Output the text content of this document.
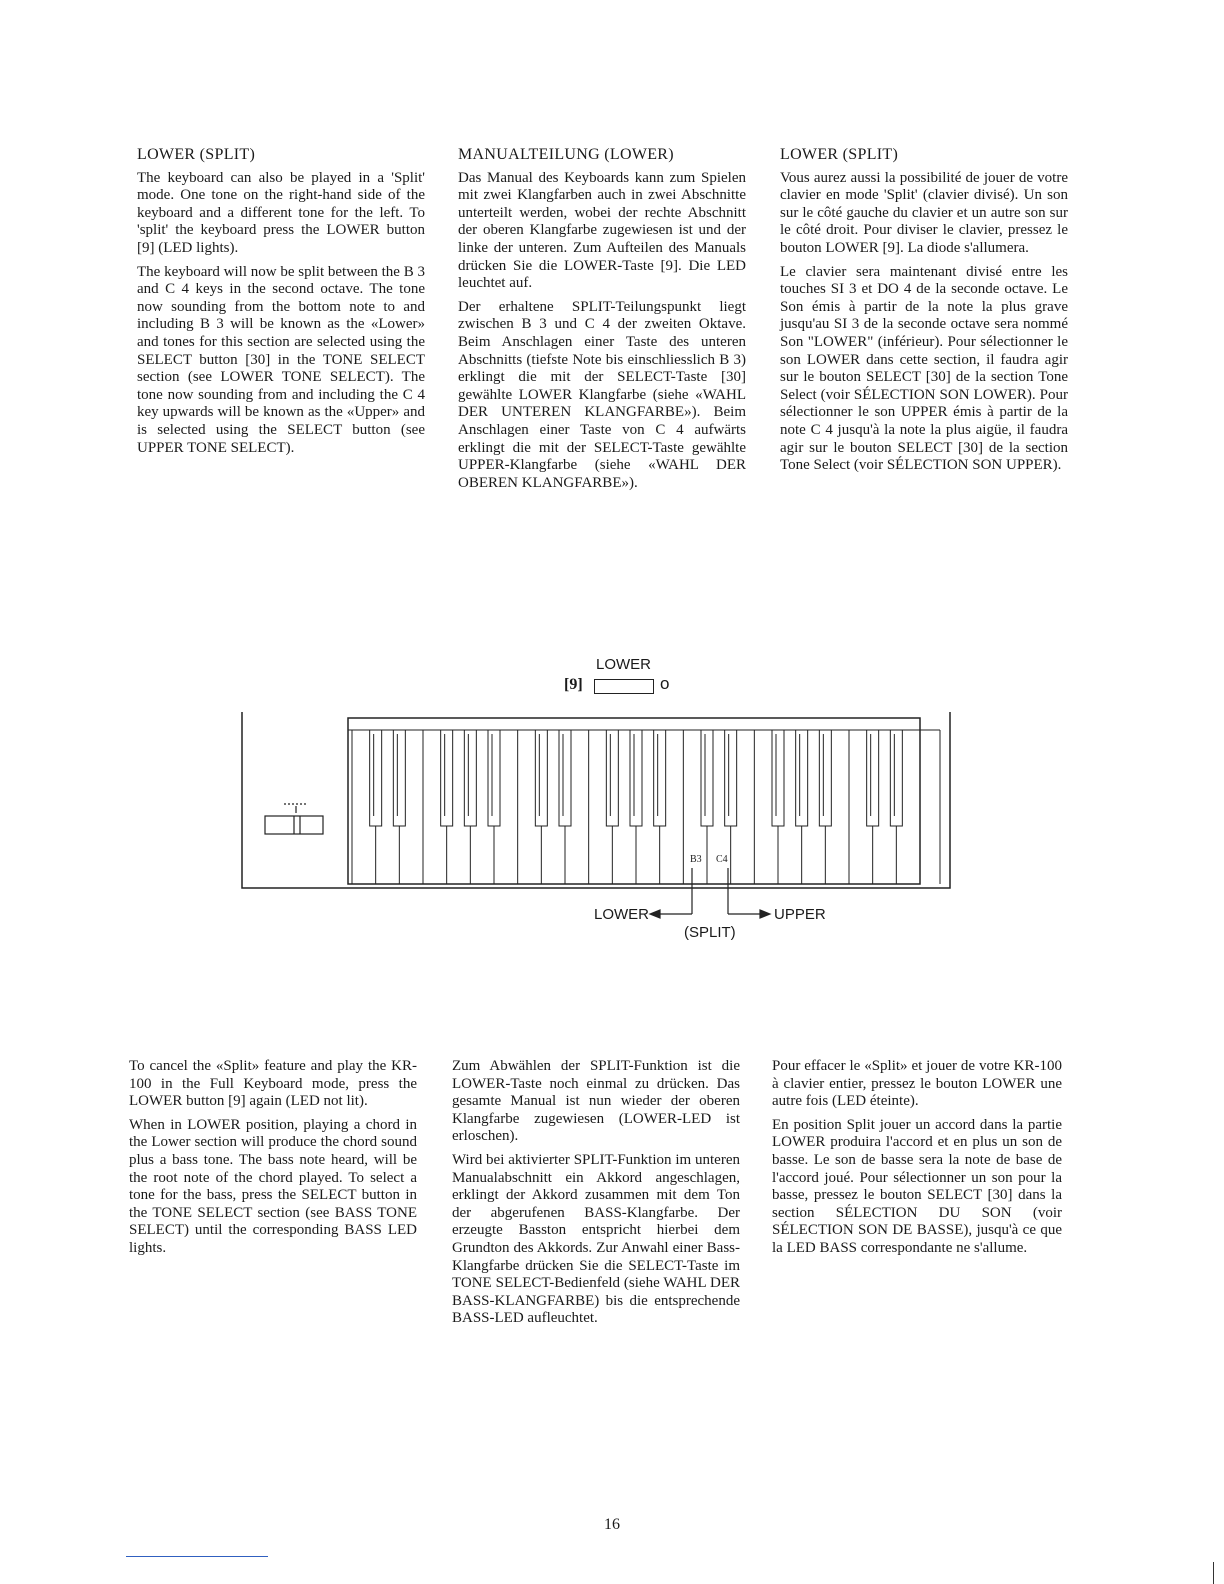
LOWER (SPLIT)

The keyboard can also be played in a 'Split' mode. One tone on the right-hand side of the keyboard and a different tone for the left. To 'split' the keyboard press the LOWER button [9] (LED lights).

The keyboard will now be split between the B 3 and C 4 keys in the second octave. The tone now sounding from the bottom note to and including B 3 will be known as the «Lower» and tones for this section are selected using the SELECT button [30] in the TONE SELECT section (see LOWER TONE SELECT). The tone now sounding from and including the C 4 key upwards will be known as the «Upper» and is selected using the SELECT button (see UPPER TONE SELECT).

MANUALTEILUNG (LOWER)

Das Manual des Keyboards kann zum Spielen mit zwei Klangfarben auch in zwei Abschnitte unterteilt werden, wobei der rechte Abschnitt der oberen Klangfarbe zugewiesen ist und der linke der unteren. Zum Aufteilen des Manuals drücken Sie die LOWER-Taste [9]. Die LED leuchtet auf.

Der erhaltene SPLIT-Teilungspunkt liegt zwischen B 3 und C 4 der zweiten Oktave. Beim Anschlagen einer Taste des unteren Abschnitts (tiefste Note bis einschliesslich B 3) erklingt die mit der SELECT-Taste [30] gewählte LOWER Klangfarbe (siehe «WAHL DER UNTEREN KLANGFARBE»). Beim Anschlagen einer Taste von C 4 aufwärts erklingt die mit der SELECT-Taste gewählte UPPER-Klangfarbe (siehe «WAHL DER OBEREN KLANGFARBE»).

LOWER (SPLIT)

Vous aurez aussi la possibilité de jouer de votre clavier en mode 'Split' (clavier divisé). Un son sur le côté gauche du clavier et un autre son sur le côté droit. Pour diviser le clavier, pressez le bouton LOWER [9]. La diode s'allumera.

Le clavier sera maintenant divisé entre les touches SI 3 et DO 4 de la seconde octave. Le Son émis à partir de la note la plus grave jusqu'au SI 3 de la seconde octave sera nommé Son "LOWER" (inférieur). Pour sélectionner le son LOWER dans cette section, il faudra agir sur le bouton SELECT [30] de la section Tone Select (voir SÉLECTION SON LOWER). Pour sélectionner le son UPPER émis à partir de la note C 4 jusqu'à la note la plus aigüe, il faudra agir sur le bouton SELECT [30] de la section Tone Select (voir SÉLECTION SON UPPER).

LOWER
[9]	o
B3 C4
LOWER	UPPER
(SPLIT)

To cancel the «Split» feature and play the KR-100 in the Full Keyboard mode, press the LOWER button [9] again (LED not lit).

When in LOWER position, playing a chord in the Lower section will produce the chord sound plus a bass tone. The bass note heard, will be the root note of the chord played. To select a tone for the bass, press the SELECT button in the TONE SELECT section (see BASS TONE SELECT) until the corresponding BASS LED lights.

Zum Abwählen der SPLIT-Funktion ist die LOWER-Taste noch einmal zu drücken. Das gesamte Manual ist nun wieder der oberen Klangfarbe zugewiesen (LOWER-LED ist erloschen).

Wird bei aktivierter SPLIT-Funktion im unteren Manualabschnitt ein Akkord angeschlagen, erklingt der Akkord zusammen mit dem Ton der abgerufenen BASS-Klangfarbe. Der erzeugte Basston entspricht hierbei dem Grundton des Akkords. Zur Anwahl einer Bass-Klangfarbe drücken Sie die SELECT-Taste im TONE SELECT-Bedienfeld (siehe WAHL DER BASS-KLANGFARBE) bis die entsprechende BASS-LED aufleuchtet.

Pour effacer le «Split» et jouer de votre KR-100 à clavier entier, pressez le bouton LOWER une autre fois (LED éteinte).

En position Split jouer un accord dans la partie LOWER produira l'accord et en plus un son de basse. Le son de basse sera la note de base de l'accord joué. Pour sélectionner un son pour la basse, pressez le bouton SELECT [30] dans la section SÉLECTION DU SON (voir SÉLECTION SON DE BASSE), jusqu'à ce que la LED BASS correspondante ne s'allume.

16
